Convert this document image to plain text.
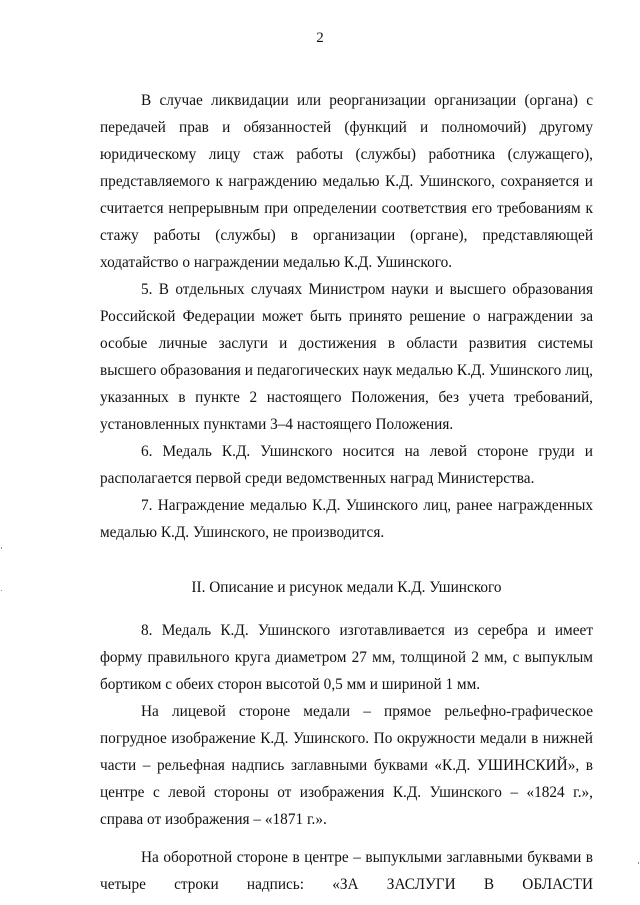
2

В случае ликвидации или реорганизации организации (органа) с передачей прав и обязанностей (функций и полномочий) другому юридическому лицу стаж работы (службы) работника (служащего), представляемого к награждению медалью К.Д. Ушинского, сохраняется и считается непрерывным при определении соответствия его требованиям к стажу работы (службы) в организации (органе), представляющей ходатайство о награждении медалью К.Д. Ушинского.

5. В отдельных случаях Министром науки и высшего образования Российской Федерации может быть принято решение о награждении за особые личные заслуги и достижения в области развития системы высшего образования и педагогических наук медалью К.Д. Ушинского лиц, указанных в пункте 2 настоящего Положения, без учета требований, установленных пунктами 3–4 настоящего Положения.

6. Медаль К.Д. Ушинского носится на левой стороне груди и располагается первой среди ведомственных наград Министерства.

7. Награждение медалью К.Д. Ушинского лиц, ранее награжденных медалью К.Д. Ушинского, не производится.

II. Описание и рисунок медали К.Д. Ушинского

8. Медаль К.Д. Ушинского изготавливается из серебра и имеет форму правильного круга диаметром 27 мм, толщиной 2 мм, с выпуклым бортиком с обеих сторон высотой 0,5 мм и шириной 1 мм.

На лицевой стороне медали – прямое рельефно-графическое погрудное изображение К.Д. Ушинского. По окружности медали в нижней части – рельефная надпись заглавными буквами «К.Д. УШИНСКИЙ», в центре с левой стороны от изображения К.Д. Ушинского – «1824 г.», справа от изображения – «1871 г.».

На оборотной стороне в центре – выпуклыми заглавными буквами в четыре строки надпись: «ЗА ЗАСЛУГИ В ОБЛАСТИ
